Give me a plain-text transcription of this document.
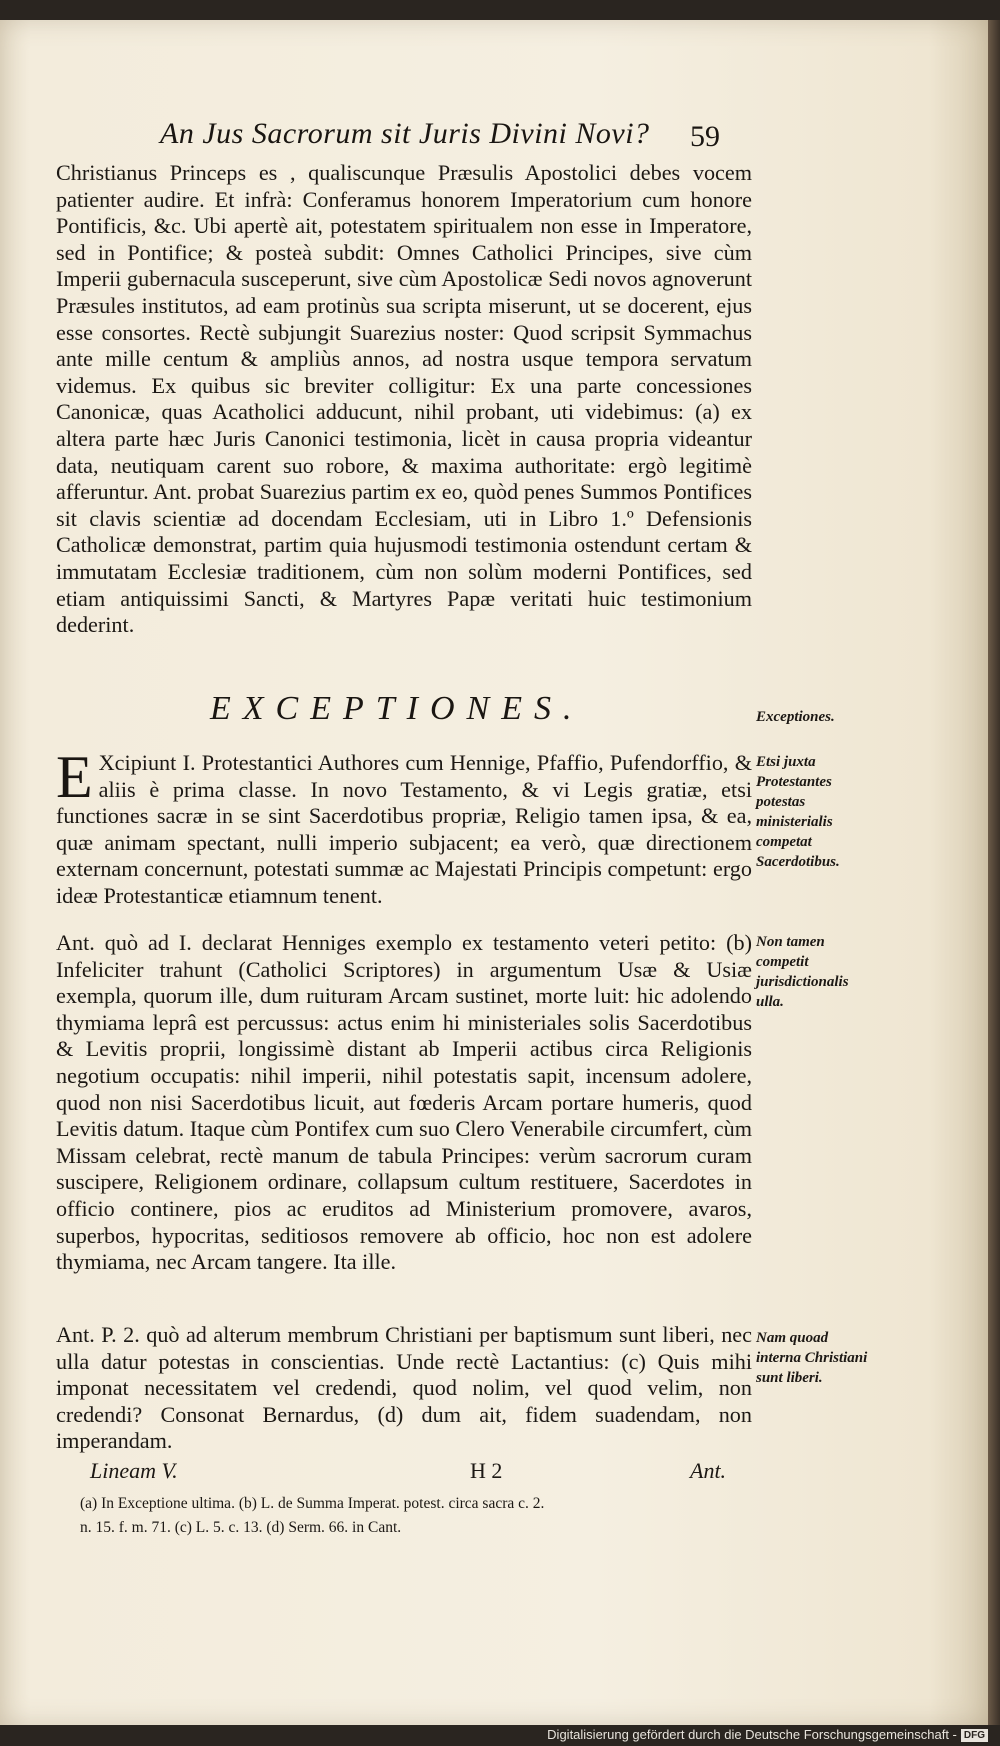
An Jus Sacrorum sit Juris Divini Novi?	59

Christianus Princeps es , qualiscunque Præsulis Apostolici debes vocem patienter audire. Et infrà: Conferamus honorem Imperatorium cum honore Pontificis, &c. Ubi apertè ait, potestatem spiritualem non esse in Imperatore, sed in Pontifice; & posteà subdit: Omnes Catholici Principes, sive cùm Imperii gubernacula susceperunt, sive cùm Apostolicæ Sedi novos agnoverunt Præsules institutos, ad eam protinùs sua scripta miserunt, ut se docerent, ejus esse consortes. Rectè subjungit Suarezius noster: Quod scripsit Symmachus ante mille centum & ampliùs annos, ad nostra usque tempora servatum videmus. Ex quibus sic breviter colligitur: Ex una parte concessiones Canonicæ, quas Acatholici adducunt, nihil probant, uti videbimus: (a) ex altera parte hæc Juris Canonici testimonia, licèt in causa propria videantur data, neutiquam carent suo robore, & maxima authoritate: ergò legitimè afferuntur. Ant. probat Suarezius partim ex eo, quòd penes Summos Pontifices sit clavis scientiæ ad docendam Ecclesiam, uti in Libro 1.º Defensionis Catholicæ demonstrat, partim quia hujusmodi testimonia ostendunt certam & immutatam Ecclesiæ traditionem, cùm non solùm moderni Pontifices, sed etiam antiquissimi Sancti, & Martyres Papæ veritati huic testimonium dederint.

EXCEPTIONES.	Exceptiones.
E Xcipiunt I. Protestantici Authores cum Hennige, Pfaffio, Pufendorffio, & aliis è prima classe. In novo Testamento, & vi Legis gratiæ, etsi functiones sacræ in se sint Sacerdotibus propriæ, Religio tamen ipsa, & ea, quæ animam spectant, nulli imperio subjacent; ea verò, quæ directionem externam concernunt, potestati summæ ac Majestati Principis competunt: ergo ideæ Protestanticæ etiamnum tenent.

Etsi juxta Protestantes potestas ministerialis competat Sacerdotibus.

Ant. quò ad I. declarat Henniges exemplo ex testamento veteri petito: (b) Infeliciter trahunt (Catholici Scriptores) in argumentum Usæ & Usiæ exempla, quorum ille, dum ruituram Arcam sustinet, morte luit: hic adolendo thymiama leprâ est percussus: actus enim hi ministeriales solis Sacerdotibus & Levitis proprii, longissimè distant ab Imperii actibus circa Religionis negotium occupatis: nihil imperii, nihil potestatis sapit, incensum adolere, quod non nisi Sacerdotibus licuit, aut fœderis Arcam portare humeris, quod Levitis datum. Itaque cùm Pontifex cum suo Clero Venerabile circumfert, cùm Missam celebrat, rectè manum de tabula Principes: verùm sacrorum curam suscipere, Religionem ordinare, collapsum cultum restituere, Sacerdotes in officio continere, pios ac eruditos ad Ministerium promovere, avaros, superbos, hypocritas, seditiosos removere ab officio, hoc non est adolere thymiama, nec Arcam tangere. Ita ille.

Non tamen competit jurisdictionalis ulla.

Ant. P. 2. quò ad alterum membrum Christiani per baptismum sunt liberi, nec ulla datur potestas in conscientias. Unde rectè Lactantius: (c) Quis mihi imponat necessitatem vel credendi, quod nolim, vel quod velim, non credendi? Consonat Bernardus, (d) dum ait, fidem suadendam, non imperandam.

Nam quoad interna Christiani sunt liberi.
Lineam V.	H 2	Ant.

(a) In Exceptione ultima. (b) L. de Summa Imperat. potest. circa sacra c. 2.

n. 15. f. m. 71. (c) L. 5. c. 13. (d) Serm. 66. in Cant.

Digitalisierung gefördert durch die Deutsche Forschungsgemeinschaft - DFG
